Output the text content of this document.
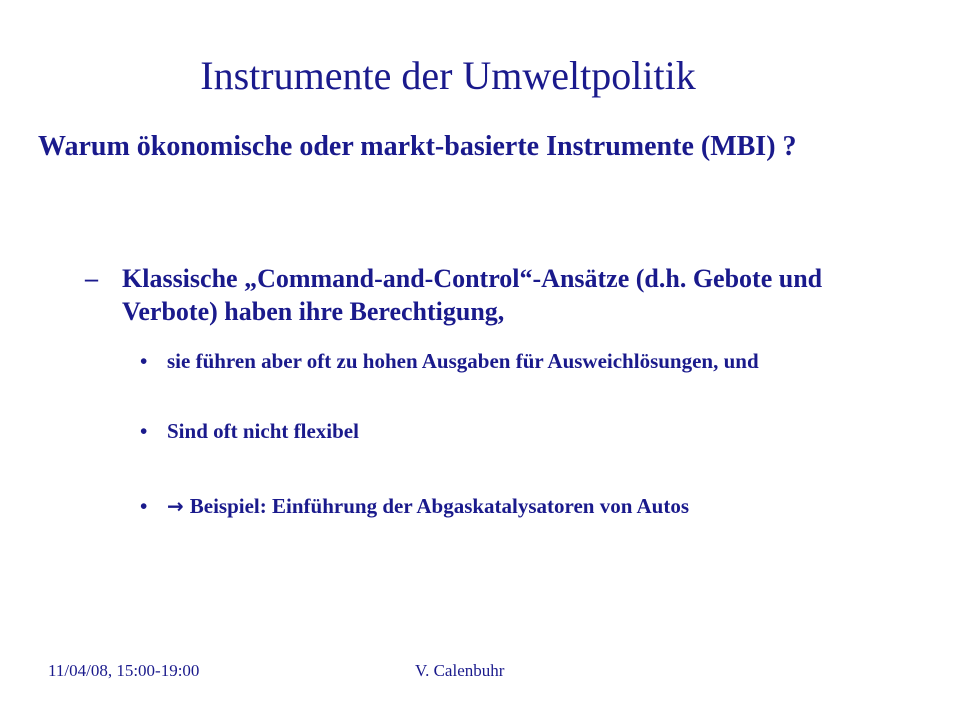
Instrumente der Umweltpolitik
Warum ökonomische oder markt-basierte Instrumente (MBI) ?
– Klassische „Command-and-Control“-Ansätze (d.h. Gebote und Verbote) haben ihre Berechtigung,
• sie führen aber oft zu hohen Ausgaben für Ausweichlösungen, und
• Sind oft nicht flexibel
• → Beispiel: Einführung der Abgaskatalysatoren von Autos
11/04/08, 15:00-19:00	V. Calenbuhr
